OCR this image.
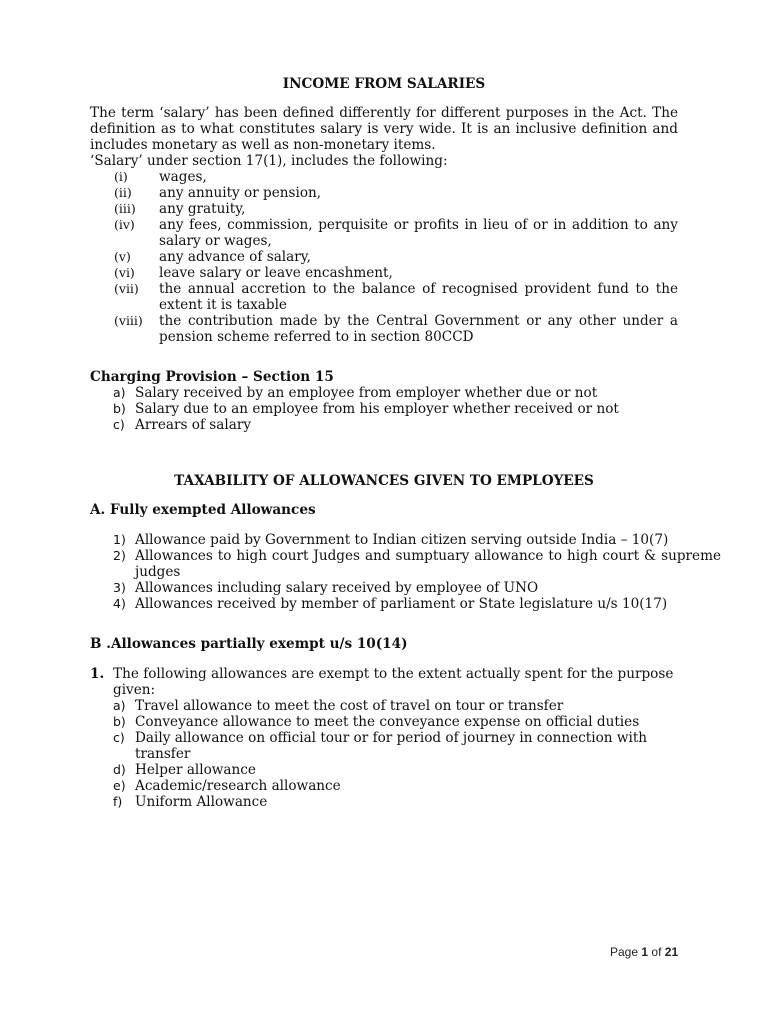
INCOME FROM SALARIES

The term ‘salary’ has been defined differently for different purposes in the Act. The definition as to what constitutes salary is very wide. It is an inclusive definition and includes monetary as well as non-monetary items.

‘Salary’ under section 17(1), includes the following:

(i)	wages,
(ii)	any annuity or pension,
(iii)	any gratuity,
(iv)	any fees, commission, perquisite or profits in lieu of or in addition to any salary or wages,
(v)	any advance of salary,
(vi)	leave salary or leave encashment,
(vii)	the annual accretion to the balance of recognised provident fund to the extent it is taxable
(viii)	the contribution made by the Central Government or any other under a pension scheme referred to in section 80CCD

Charging Provision – Section 15

a) Salary received by an employee from employer whether due or not
b) Salary due to an employee from his employer whether received or not
c) Arrears of salary

TAXABILITY OF ALLOWANCES GIVEN TO EMPLOYEES

A. Fully exempted Allowances

1) Allowance paid by Government to Indian citizen serving outside India – 10(7)
2) Allowances to high court Judges and sumptuary allowance to high court & supreme judges
3) Allowances including salary received by employee of UNO
4) Allowances received by member of parliament or State legislature u/s 10(17)

B .Allowances partially exempt u/s 10(14)

1. The following allowances are exempt to the extent actually spent for the purpose given:
a) Travel allowance to meet the cost of travel on tour or transfer
b) Conveyance allowance to meet the conveyance expense on official duties
c) Daily allowance on official tour or for period of journey in connection with transfer
d) Helper allowance
e) Academic/research allowance
f) Uniform Allowance
Page 1 of 21
